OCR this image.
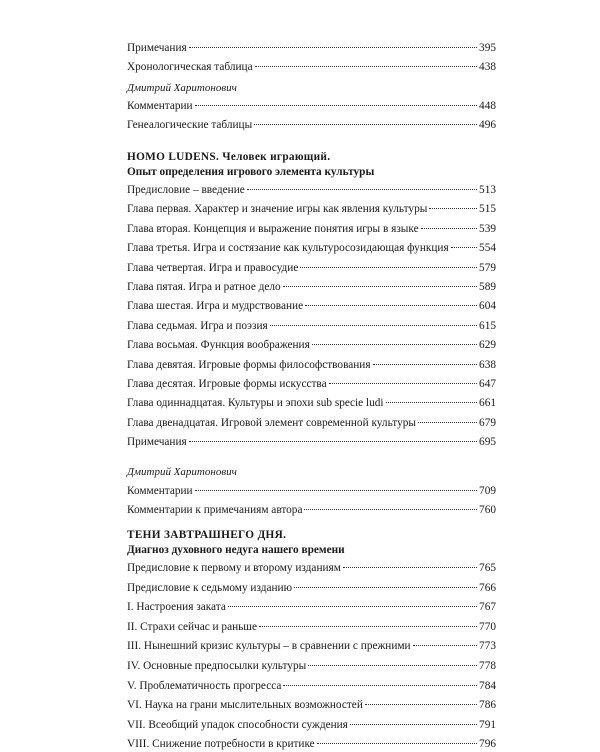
Примечания	395
Хронологическая таблица	438
Дмитрий Харитонович
Комментарии	448
Генеалогические таблицы	496
HOMO LUDENS. Человек играющий.
Опыт определения игрового элемента культуры
Предисловие – введение	513
Глава первая. Характер и значение игры как явления культуры	515
Глава вторая. Концепция и выражение понятия игры в языке	539
Глава третья. Игра и состязание как культуросозидающая функция	554
Глава четвертая. Игра и правосудие	579
Глава пятая. Игра и ратное дело	589
Глава шестая. Игра и мудрствование	604
Глава седьмая. Игра и поэзия	615
Глава восьмая. Функция воображения	629
Глава девятая. Игровые формы философствования	638
Глава десятая. Игровые формы искусства	647
Глава одиннадцатая. Культуры и эпохи sub specie ludi	661
Глава двенадцатая. Игровой элемент современной культуры	679
Примечания	695
Дмитрий Харитонович
Комментарии	709
Комментарии к примечаниям автора	760
ТЕНИ ЗАВТРАШНЕГО ДНЯ.
Диагноз духовного недуга нашего времени
Предисловие к первому и второму изданиям	765
Предисловие к седьмому изданию	766
I. Настроения заката	767
II. Страхи сейчас и раньше	770
III. Нынешний кризис культуры – в сравнении с прежними	773
IV. Основные предпосылки культуры	778
V. Проблематичность прогресса	784
VI. Наука на грани мыслительных возможностей	786
VII. Всеобщий упадок способности суждения	791
VIII. Снижение потребности в критике	796
